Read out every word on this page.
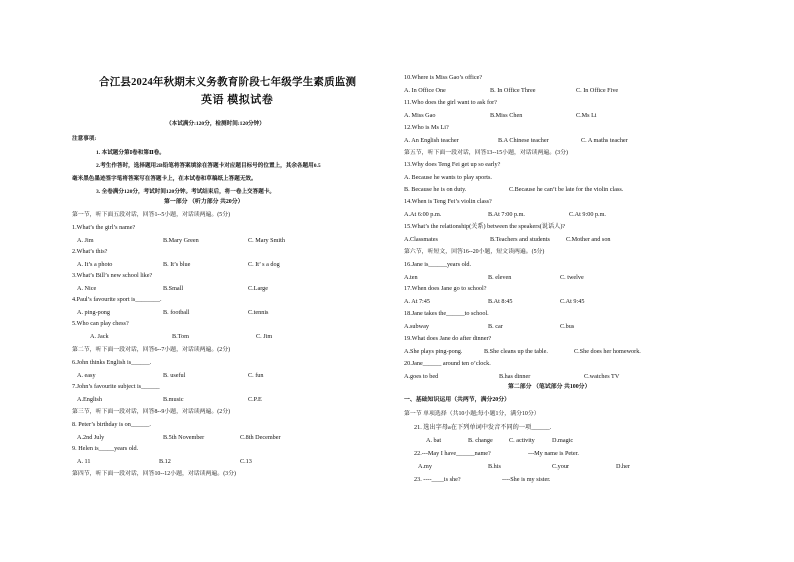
合江县2024年秋期末义务教育阶段七年级学生素质监测
英语 模拟试卷
（本试满分:120分，检测时间:120分钟）
注意事项:
1. 本试题分第Ⅰ卷和第Ⅱ卷。
2.考生作答时，选择题用2B铅笔将答案填涂在答题卡对应题目标号的位置上，其余各题用0.5
毫米黑色墨迹签字笔将答案写在答题卡上，在本试卷和草稿纸上答题无效。
3. 全卷满分120分，考试时间120分钟。考试结束后，将一卷上交答题卡。
第一部分 （听力部分 共20分）
第一节，听下面五段对话，回答1--5小题，对话读两遍。(5分)
1.What’s the girl’s name?
A. Jim	B.Mary Green	C. Mary Smith
2.What’s this?
A. It’s a photo	B. It’s blue	C. It’ s a dog
3.What’s Bill’s new school like?
A. Nice	B.Small	C.Large
4.Paul’s favourite sport is________.
A. ping-pong	B. football	C.tennis
5.Who can play chess?
A. Jack	B.Tom	C. Jim
第二节，听下面一段对话，回答6--7小题，对话读两遍。(2分)
6.John thinks English is______.
A. easy	B. useful	C. fun
7.John’s favourite subject is______
A.English	B.music	C.P.E
第三节，听下面一段对话，回答8--9小题，对话读两遍。(2分)
8. Peter’s birthday is on______.
A.2nd July	B.5th November	C.8th December
9. Helen is_____years old.
A. 11	B.12	C.13
第四节，听下面一段对话，回答10--12小题，对话读两遍。(3分)
10.Where is Miss Gao’s office?
A. In Office One	B. In Office Three	C. In Office Five
11.Who does the girl want to ask for?
A. Miss Gao	B.Miss Chen	C.Ms Li
12.Who is Ms Li?
A. An English teacher	B.A Chinese teacher	C. A maths teacher
第五节，听下面一段对话，回答13--15小题，对话读两遍。(3分)
13.Why does Teng Fei get up so early?
A. Because he wants to play sports.
B. Because he is on duty.	C.Because he can’t be late for the violin class.
14.When is Teng Fei’s violin class?
A.At 6:00 p.m.	B.At 7:00 p.m.	C.At 9:00 p.m.
15.What’s the relationship(关系) between the speakers(说话人)?
A.Classmates	B.Teachers and students	C.Mother and son
第六节，听短文，回答16--20小题，短文读两遍。(5分)
16.Jane is______years old.
A.ten	B. eleven	C. twelve
17.When does Jane go to school?
A. At 7:45	B.At 8:45	C.At 9:45
18.Jane takes the______to school.
A.subway	B. car	C.bus
19.What does Jane do after dinner?
A.She plays ping-pong.	B.She cleans up the table.	C.She does her homework.
20.Jane______ around ten o’clock.
A.goes to bed	B.has dinner	C.watches TV
第二部分 （笔试部分 共100分）
一、基础知识运用（共两节，满分20分）
第一节 单项选择（共10小题;每小题1分，满分10分）
21. 选出字母a在下列单词中发音不同的一项______.
A. bat	B. change	C. activity	D.magic
22.---May I have______name?	---My name is Peter.
A.my	B.his	C.your	D.her
23. ----____is she?	----She is my sister.
